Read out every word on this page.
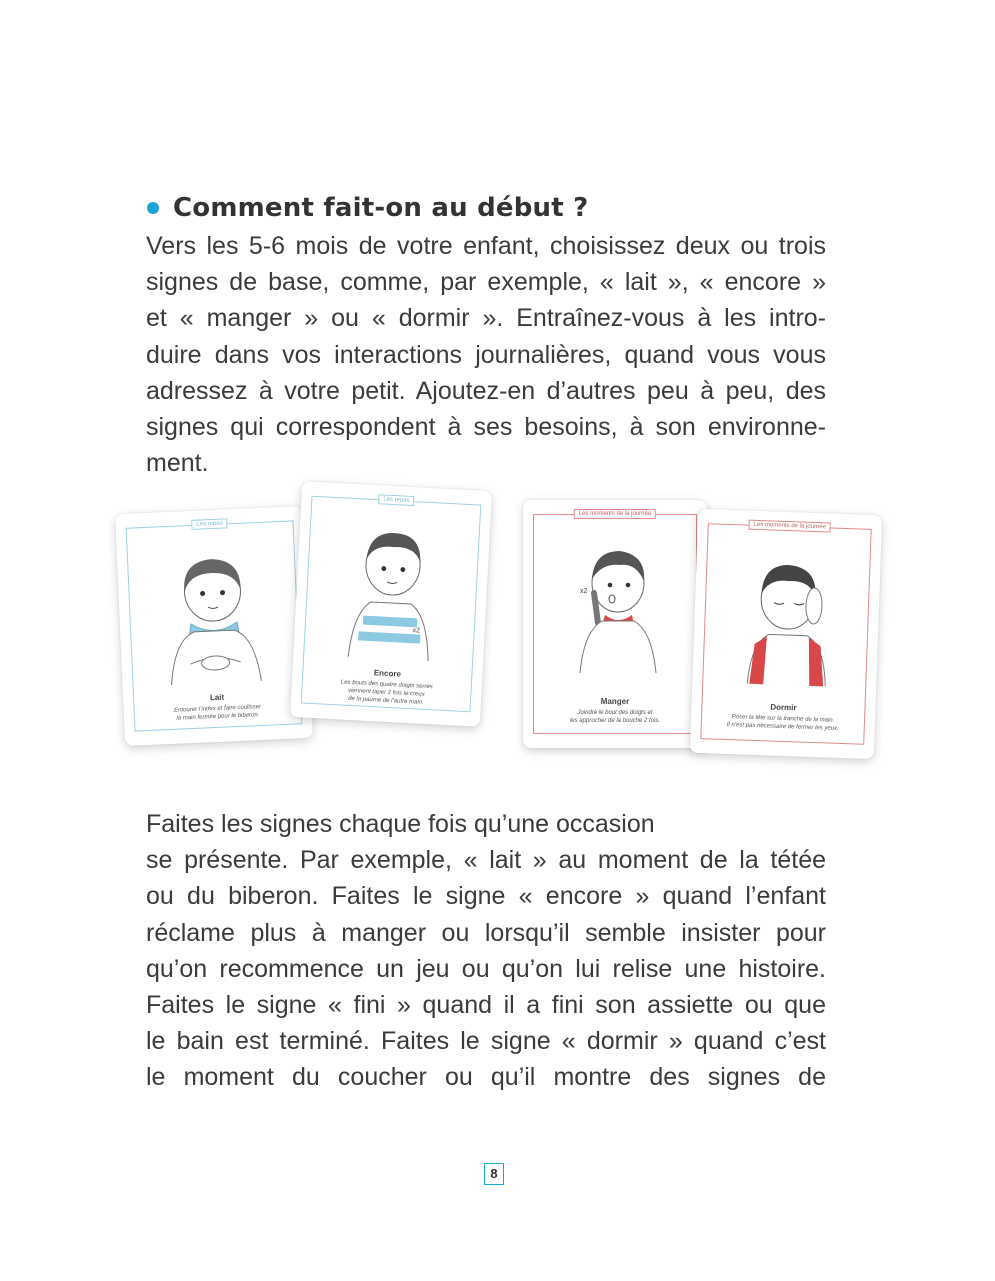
Comment fait-on au début ?
Vers les 5-6 mois de votre enfant, choisissez deux ou trois
signes de base, comme, par exemple, « lait », « encore »
et « manger » ou « dormir ». Entraînez-vous à les intro-
duire dans vos interactions journalières, quand vous vous
adressez à votre petit. Ajoutez-en d’autres peu à peu, des
signes qui correspondent à ses besoins, à son environne-
ment.
Les repas
Lait
Entourer l’index et faire coulisser
la main fermée pour le biberon.
Les repas
x2
Encore
Les bouts des quatre doigts serrés
viennent taper 2 fois le creux
de la paume de l’autre main.
Les moments de la journée
x2
Manger
Joindre le bout des doigts et
les approcher de la bouche 2 fois.
Les moments de la journée
Dormir
Poser la tête sur la tranche de la main.
Il n’est pas nécessaire de fermer les yeux.
Faites les signes chaque fois qu’une occasion
se présente. Par exemple, « lait » au moment de la tétée
ou du biberon. Faites le signe « encore » quand l’enfant
réclame plus à manger ou lorsqu’il semble insister pour
qu’on recommence un jeu ou qu’on lui relise une histoire.
Faites le signe « fini » quand il a fini son assiette ou que
le bain est terminé. Faites le signe « dormir » quand c’est
le moment du coucher ou qu’il montre des signes de
8
